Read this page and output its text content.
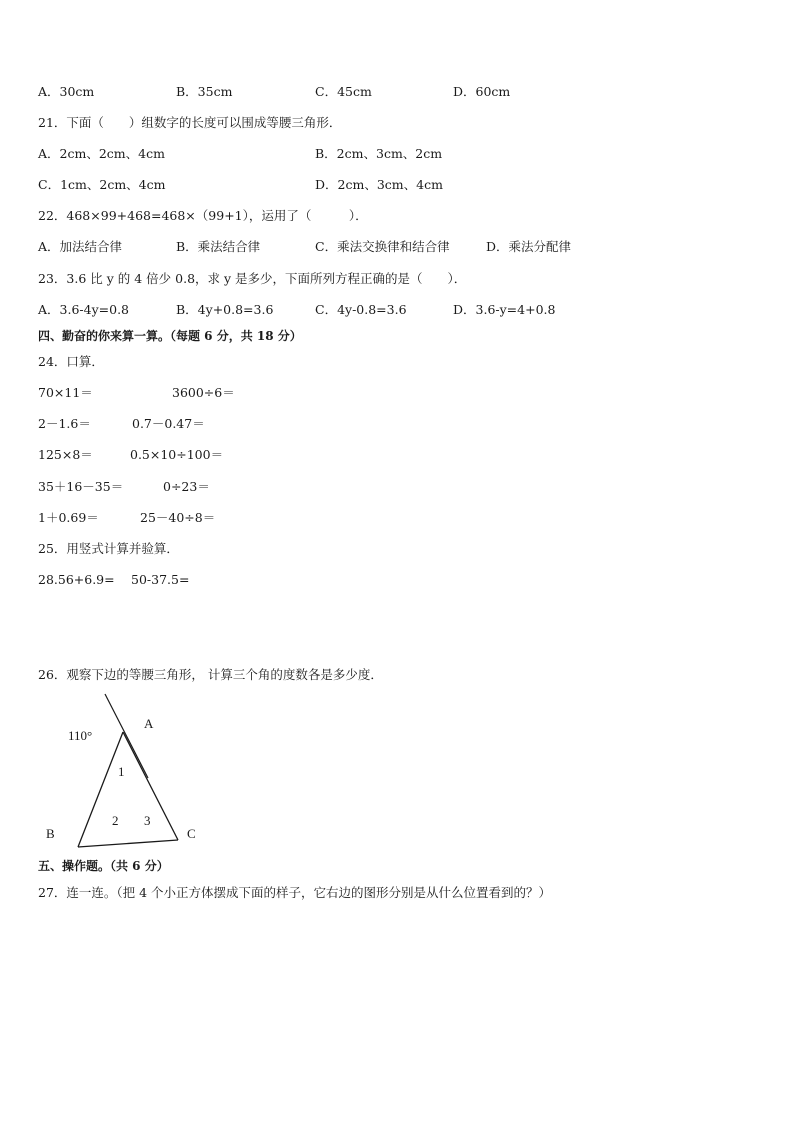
A．30cm	B．35cm	C．45cm	D．60cm
21．下面（　　）组数字的长度可以围成等腰三角形．
A．2cm、2cm、4cm	B．2cm、3cm、2cm
C．1cm、2cm、4cm	D．2cm、3cm、4cm
22．468×99+468=468×（99+1），运用了（　　　）．
A．加法结合律	B．乘法结合律	C．乘法交换律和结合律	D．乘法分配律
23．3.6 比 y 的 4 倍少 0.8，求 y 是多少，下面所列方程正确的是（　　）．
A．3.6-4y=0.8	B．4y+0.8=3.6	C．4y-0.8=3.6	D．3.6-y=4+0.8
四、勤奋的你来算一算。（每题 6 分，共 18 分）
24．口算．
70×11＝	3600÷6＝
2－1.6＝	0.7－0.47＝
125×8＝	0.5×10÷100＝
35＋16－35＝	0÷23＝
1＋0.69＝	25－40÷8＝
25．用竖式计算并验算．
28.56+6.9= 50-37.5=
26．观察下边的等腰三角形， 计算三个角的度数各是多少度．
110°
A
B	C
1
2 3
五、操作题。（共 6 分）
27．连一连。（把 4 个小正方体摆成下面的样子，它右边的图形分别是从什么位置看到的？）
